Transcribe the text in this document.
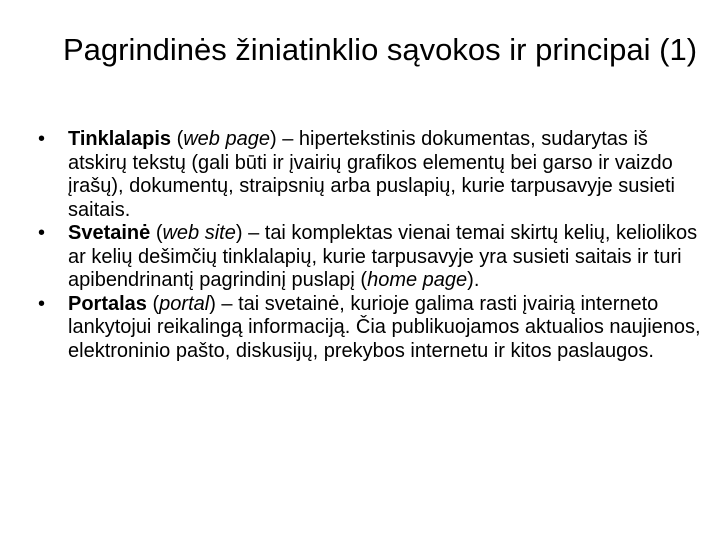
Pagrindinės žiniatinklio sąvokos ir principai (1)
•	Tinklalapis (web page) – hipertekstinis dokumentas, sudarytas iš atskirų tekstų (gali būti ir įvairių grafikos elementų bei garso ir vaizdo įrašų), dokumentų, straipsnių arba puslapių, kurie tarpusavyje susieti saitais.
•	Svetainė (web site) – tai komplektas vienai temai skirtų kelių, keliolikos ar kelių dešimčių tinklalapių, kurie tarpusavyje yra susieti saitais ir turi apibendrinantį pagrindinį puslapį (home page).
•	Portalas (portal) – tai svetainė, kurioje galima rasti įvairią interneto lankytojui reikalingą informaciją. Čia publikuojamos aktualios naujienos, elektroninio pašto, diskusijų, prekybos internetu ir kitos paslaugos.
